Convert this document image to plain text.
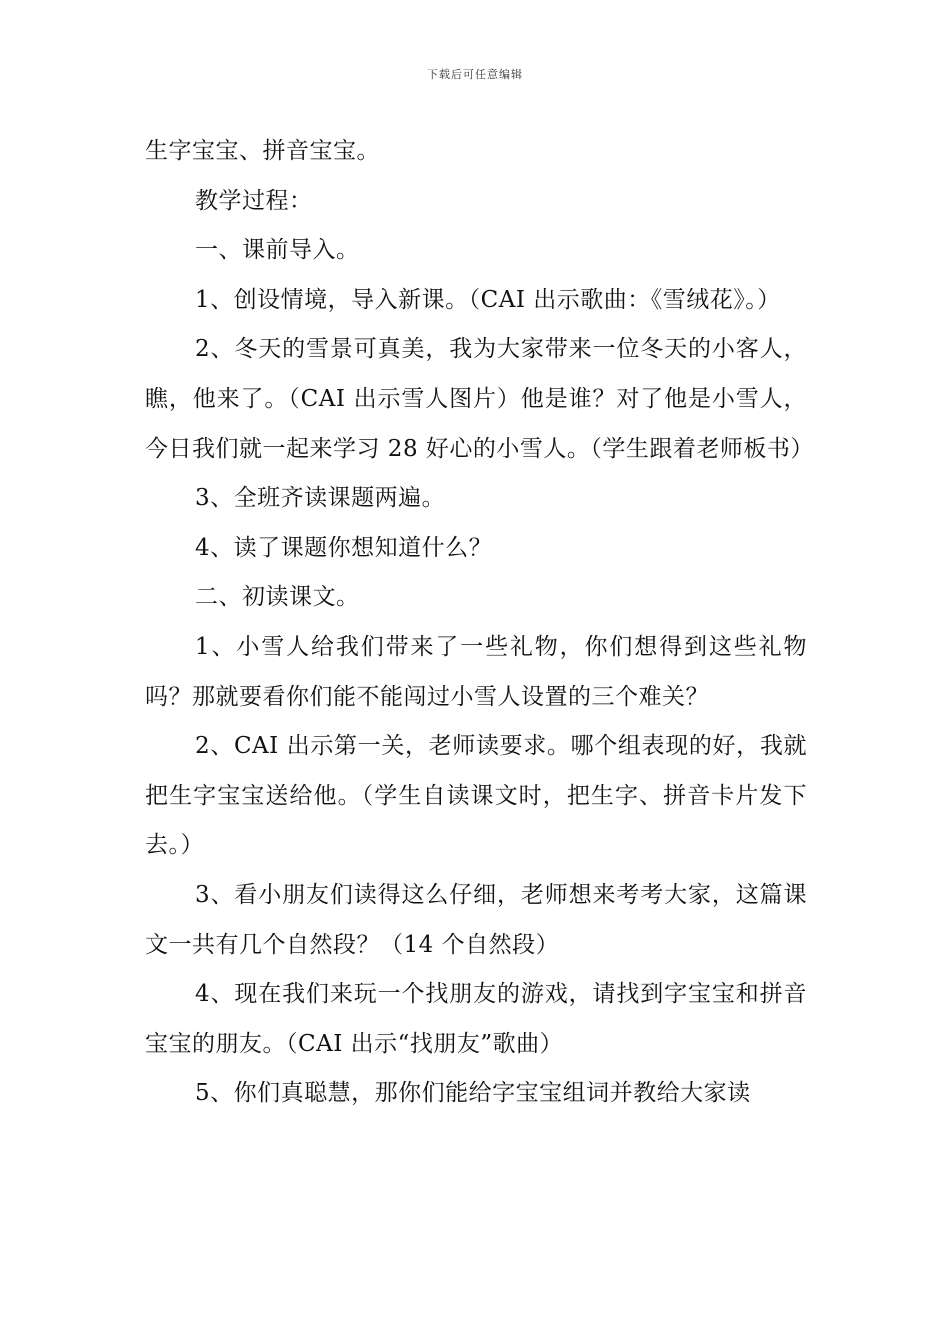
下载后可任意编辑

生字宝宝、拼音宝宝。

教学过程：

一、课前导入。

1、创设情境，导入新课。（CAI 出示歌曲：《雪绒花》。）

2、冬天的雪景可真美，我为大家带来一位冬天的小客人，瞧，他来了。（CAI 出示雪人图片）他是谁？对了他是小雪人，今日我们就一起来学习 28 好心的小雪人。（学生跟着老师板书）

3、全班齐读课题两遍。

4、读了课题你想知道什么？

二、初读课文。

1、小雪人给我们带来了一些礼物，你们想得到这些礼物吗？那就要看你们能不能闯过小雪人设置的三个难关？

2、CAI 出示第一关，老师读要求。哪个组表现的好，我就把生字宝宝送给他。（学生自读课文时，把生字、拼音卡片发下去。）

3、看小朋友们读得这么仔细，老师想来考考大家，这篇课文一共有几个自然段？（14 个自然段）

4、现在我们来玩一个找朋友的游戏，请找到字宝宝和拼音宝宝的朋友。（CAI 出示“找朋友”歌曲）

5、你们真聪慧，那你们能给字宝宝组词并教给大家读
